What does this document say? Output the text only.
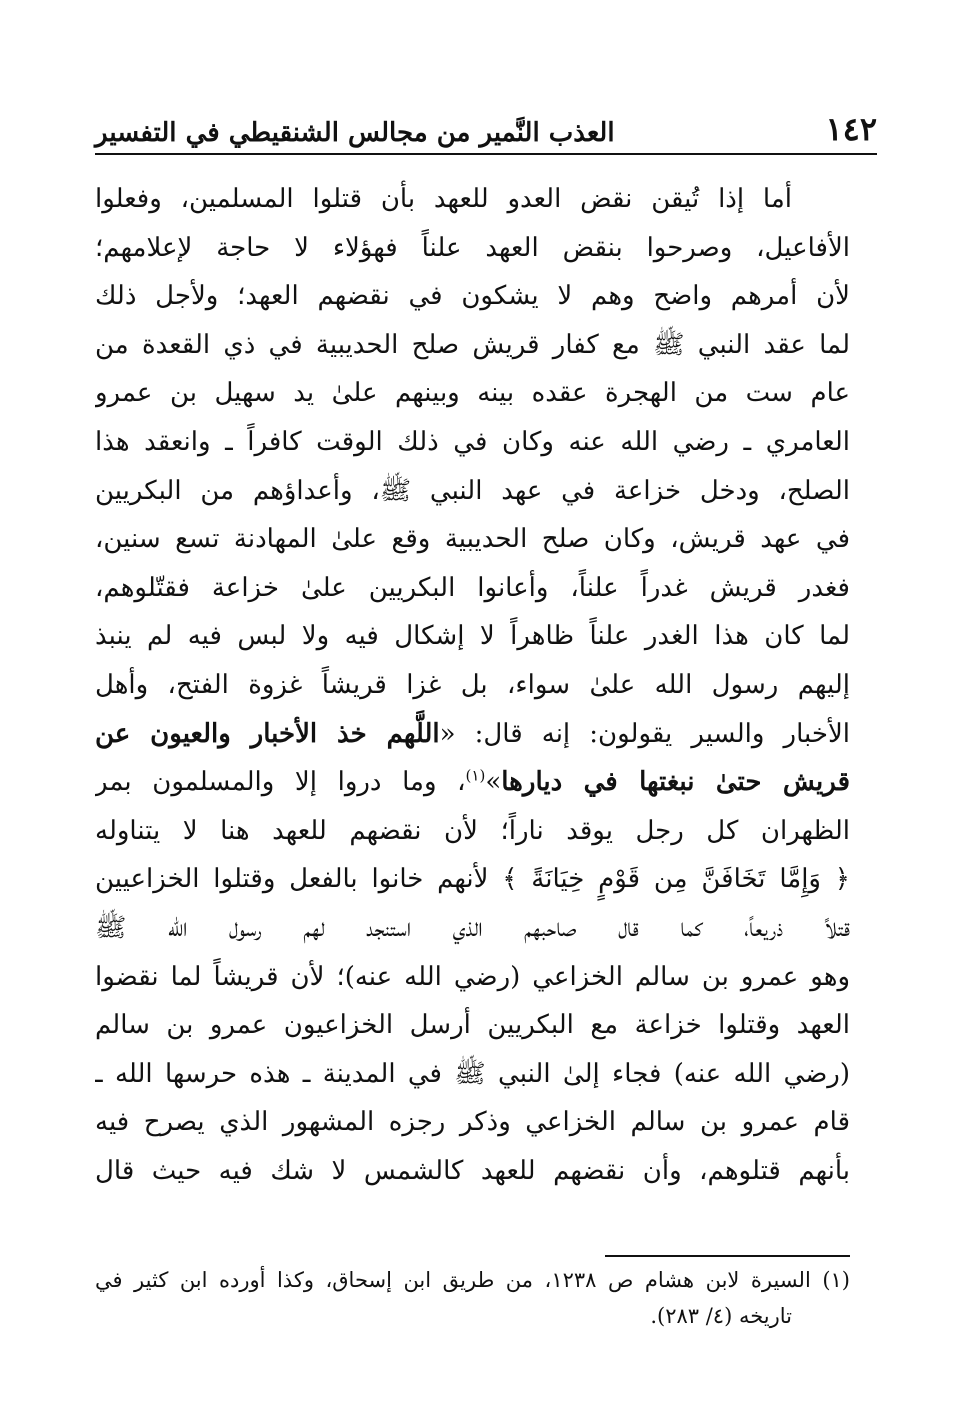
١٤٢
العذب النَّمير من مجالس الشنقيطي في التفسير
أما إذا تُيقن نقض العدو للعهد بأن قتلوا المسلمين، وفعلوا
الأفاعيل، وصرحوا بنقض العهد علناً فهؤلاء لا حاجة لإعلامهم؛
لأن أمرهم واضح وهم لا يشكون في نقضهم العهد؛ ولأجل ذلك
لما عقد النبي ﷺ مع كفار قريش صلح الحديبية في ذي القعدة من
عام ست من الهجرة عقده بينه وبينهم علىٰ يد سهيل بن عمرو
العامري ـ رضي الله عنه وكان في ذلك الوقت كافراً ـ وانعقد هذا
الصلح، ودخل خزاعة في عهد النبي ﷺ، وأعداؤهم من البكريين
في عهد قريش، وكان صلح الحديبية وقع علىٰ المهادنة تسع سنين،
فغدر قريش غدراً علناً، وأعانوا البكريين علىٰ خزاعة فقتّلوهم،
لما كان هذا الغدر علناً ظاهراً لا إشكال فيه ولا لبس فيه لم ينبذ
إليهم رسول الله علىٰ سواء، بل غزا قريشاً غزوة الفتح، وأهل
الأخبار والسير يقولون: إنه قال: «اللَّهم خذ الأخبار والعيون عن
قريش حتىٰ نبغتها في ديارها»$^{(١)}$، وما دروا إلا والمسلمون بمر
الظهران كل رجل يوقد ناراً؛ لأن نقضهم للعهد هنا لا يتناوله
﴿ وَإِمَّا تَخَافَنَّ مِن قَوْمٍ خِيَانَةً ﴾ لأنهم خانوا بالفعل وقتلوا الخزاعيين
قتلاً ذريعاً، كما قال صاحبهم الذي استنجد لهم رسول الله ﷺ
وهو عمرو بن سالم الخزاعي (رضي الله عنه)؛ لأن قريشاً لما نقضوا
العهد وقتلوا خزاعة مع البكريين أرسل الخزاعيون عمرو بن سالم
(رضي الله عنه) فجاء إلىٰ النبي ﷺ في المدينة ـ هذه حرسها الله ـ
قام عمرو بن سالم الخزاعي وذكر رجزه المشهور الذي يصرح فيه
بأنهم قتلوهم، وأن نقضهم للعهد كالشمس لا شك فيه حيث قال
(١) السيرة لابن هشام ص ١٢٣٨، من طريق ابن إسحاق، وكذا أورده ابن كثير في
تاريخه (٤/ ٢٨٣).
